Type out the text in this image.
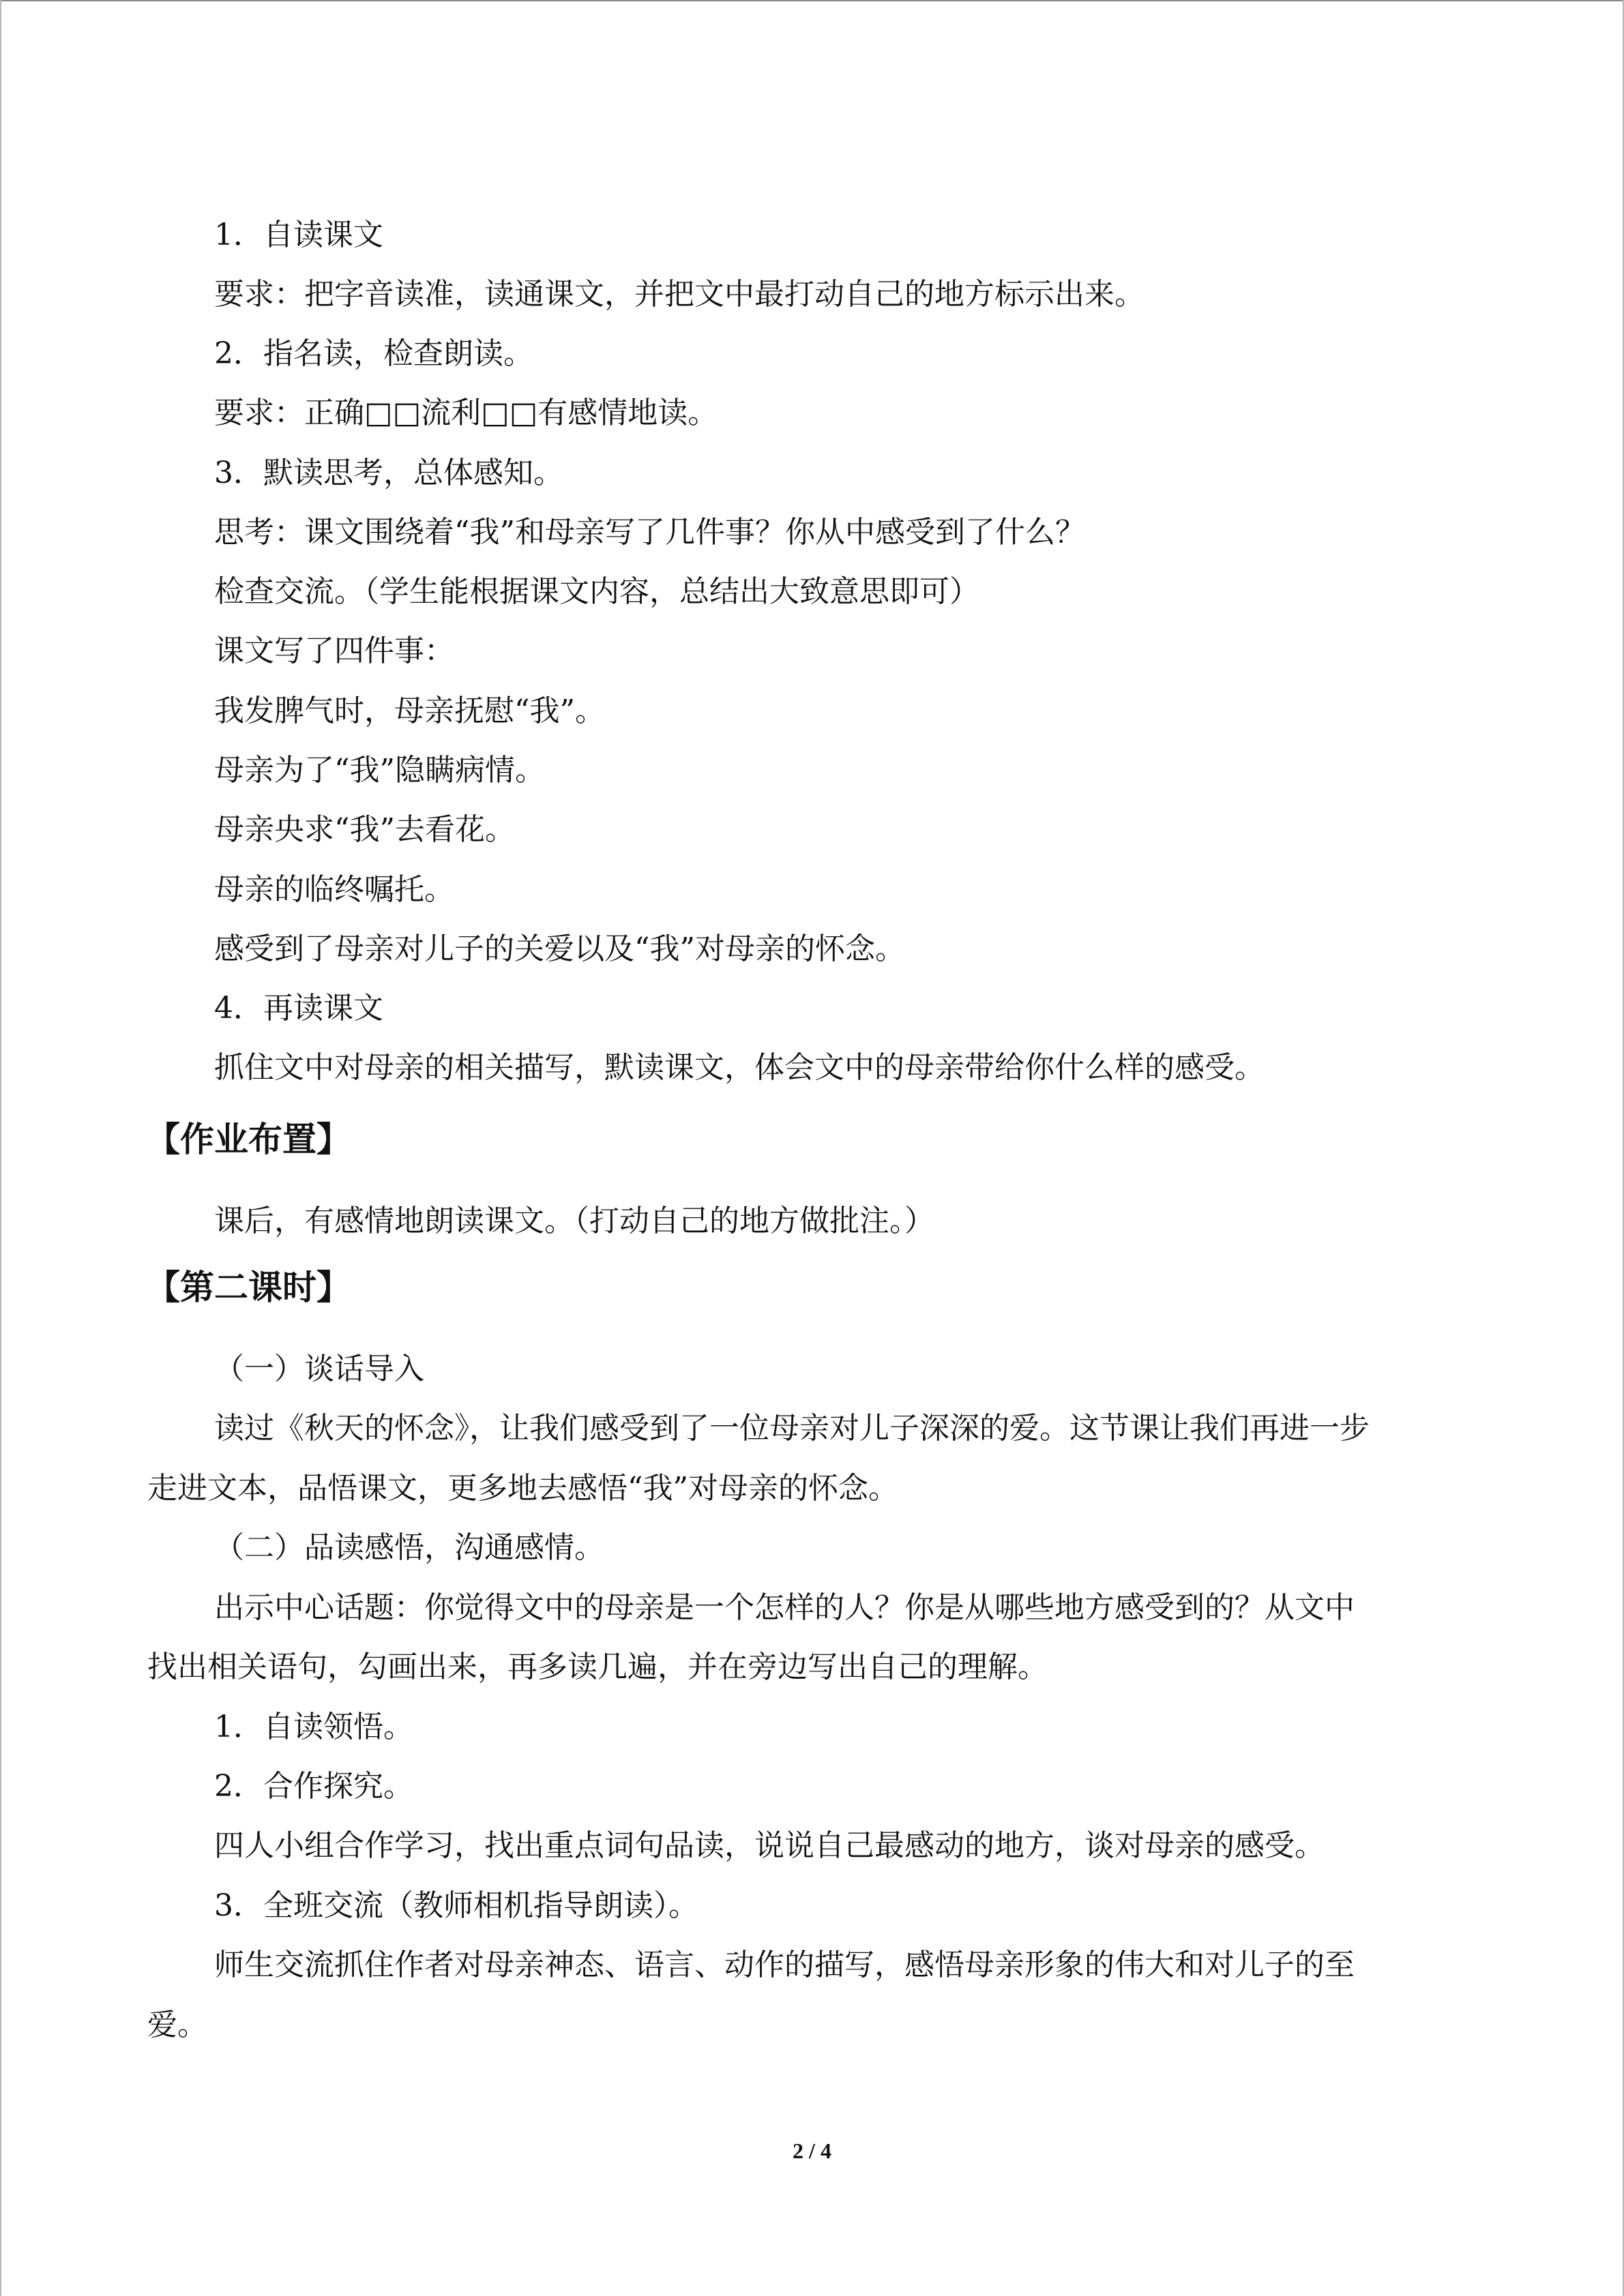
1．自读课文

要求：把字音读准，读通课文，并把文中最打动自己的地方标示出来。

2．指名读，检查朗读。

要求：正确□□流利□□有感情地读。

3．默读思考，总体感知。

思考：课文围绕着“我”和母亲写了几件事？你从中感受到了什么？

检查交流。（学生能根据课文内容，总结出大致意思即可）

课文写了四件事：

我发脾气时，母亲抚慰“我”。

母亲为了“我”隐瞒病情。

母亲央求“我”去看花。

母亲的临终嘱托。

感受到了母亲对儿子的关爱以及“我”对母亲的怀念。

4．再读课文

抓住文中对母亲的相关描写，默读课文，体会文中的母亲带给你什么样的感受。

【作业布置】

课后，有感情地朗读课文。（打动自己的地方做批注。）

【第二课时】

（一）谈话导入

读过《秋天的怀念》，让我们感受到了一位母亲对儿子深深的爱。这节课让我们再进一步

走进文本，品悟课文，更多地去感悟“我”对母亲的怀念。

（二）品读感悟，沟通感情。

出示中心话题：你觉得文中的母亲是一个怎样的人？你是从哪些地方感受到的？从文中

找出相关语句，勾画出来，再多读几遍，并在旁边写出自己的理解。

1．自读领悟。

2．合作探究。

四人小组合作学习，找出重点词句品读，说说自己最感动的地方，谈对母亲的感受。

3．全班交流（教师相机指导朗读）。

师生交流抓住作者对母亲神态、语言、动作的描写，感悟母亲形象的伟大和对儿子的至

爱。

2 / 4
